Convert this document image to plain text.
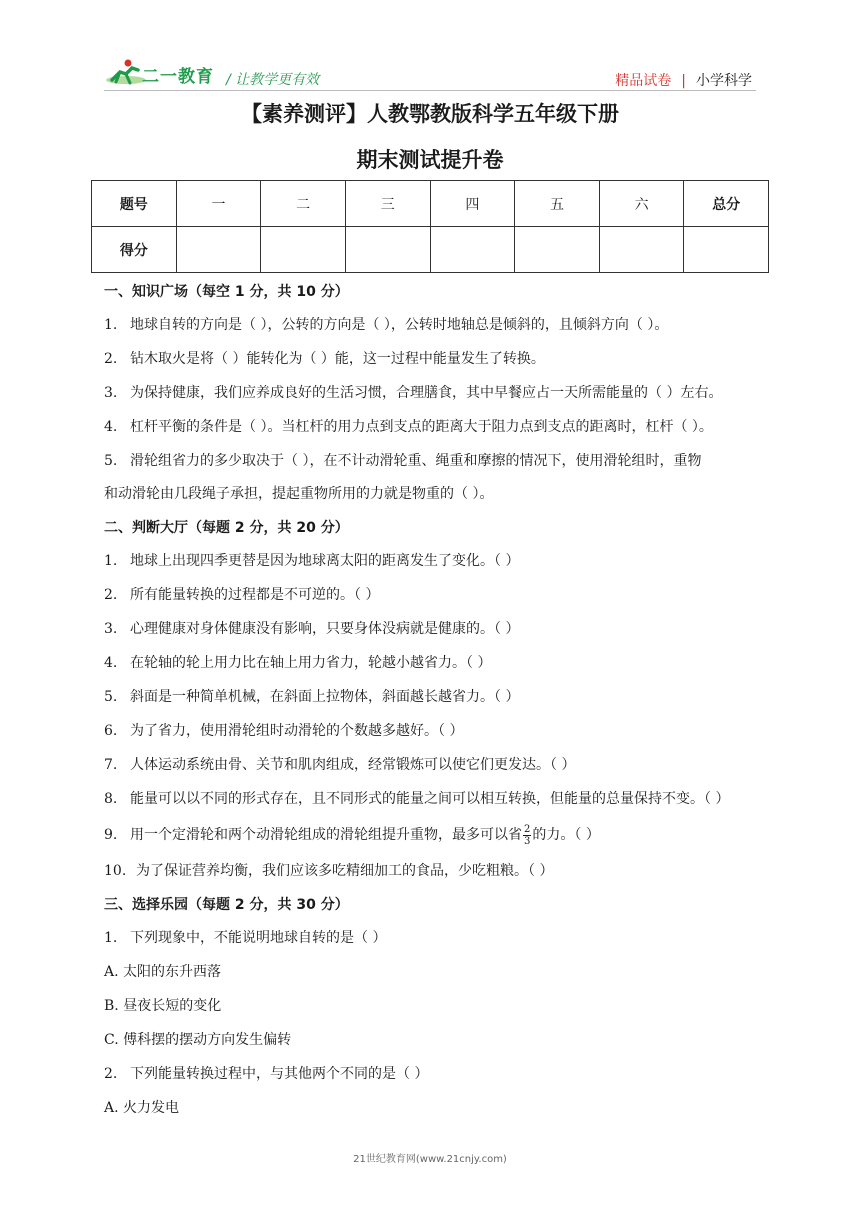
二一教育 / 让教学更有效	精品试卷 | 小学科学
【素养测评】人教鄂教版科学五年级下册
期末测试提升卷
题号	一	二	三	四	五	六	总分
得分							
一、知识广场（每空 1 分，共 10 分）
1. 地球自转的方向是（ ），公转的方向是（ ），公转时地轴总是倾斜的，且倾斜方向（ ）。
2. 钻木取火是将（ ）能转化为（ ）能，这一过程中能量发生了转换。
3. 为保持健康，我们应养成良好的生活习惯，合理膳食，其中早餐应占一天所需能量的（ ）左右。
4. 杠杆平衡的条件是（ ）。当杠杆的用力点到支点的距离大于阻力点到支点的距离时，杠杆（ ）。
5. 滑轮组省力的多少取决于（ ），在不计动滑轮重、绳重和摩擦的情况下，使用滑轮组时，重物
和动滑轮由几段绳子承担，提起重物所用的力就是物重的（ ）。
二、判断大厅（每题 2 分，共 20 分）
1. 地球上出现四季更替是因为地球离太阳的距离发生了变化。（ ）
2. 所有能量转换的过程都是不可逆的。（ ）
3. 心理健康对身体健康没有影响，只要身体没病就是健康的。（ ）
4. 在轮轴的轮上用力比在轴上用力省力，轮越小越省力。（ ）
5. 斜面是一种简单机械，在斜面上拉物体，斜面越长越省力。（ ）
6. 为了省力，使用滑轮组时动滑轮的个数越多越好。（ ）
7. 人体运动系统由骨、关节和肌肉组成，经常锻炼可以使它们更发达。（ ）
8. 能量可以以不同的形式存在，且不同形式的能量之间可以相互转换，但能量的总量保持不变。（ ）
9. 用一个定滑轮和两个动滑轮组成的滑轮组提升重物，最多可以省 $\frac{2}{3}$ 的力。（ ）
10. 为了保证营养均衡，我们应该多吃精细加工的食品，少吃粗粮。（ ）
三、选择乐园（每题 2 分，共 30 分）
1. 下列现象中，不能说明地球自转的是（ ）
A. 太阳的东升西落
B. 昼夜长短的变化
C. 傅科摆的摆动方向发生偏转
2. 下列能量转换过程中，与其他两个不同的是（ ）
A. 火力发电
21世纪教育网(www.21cnjy.com)
